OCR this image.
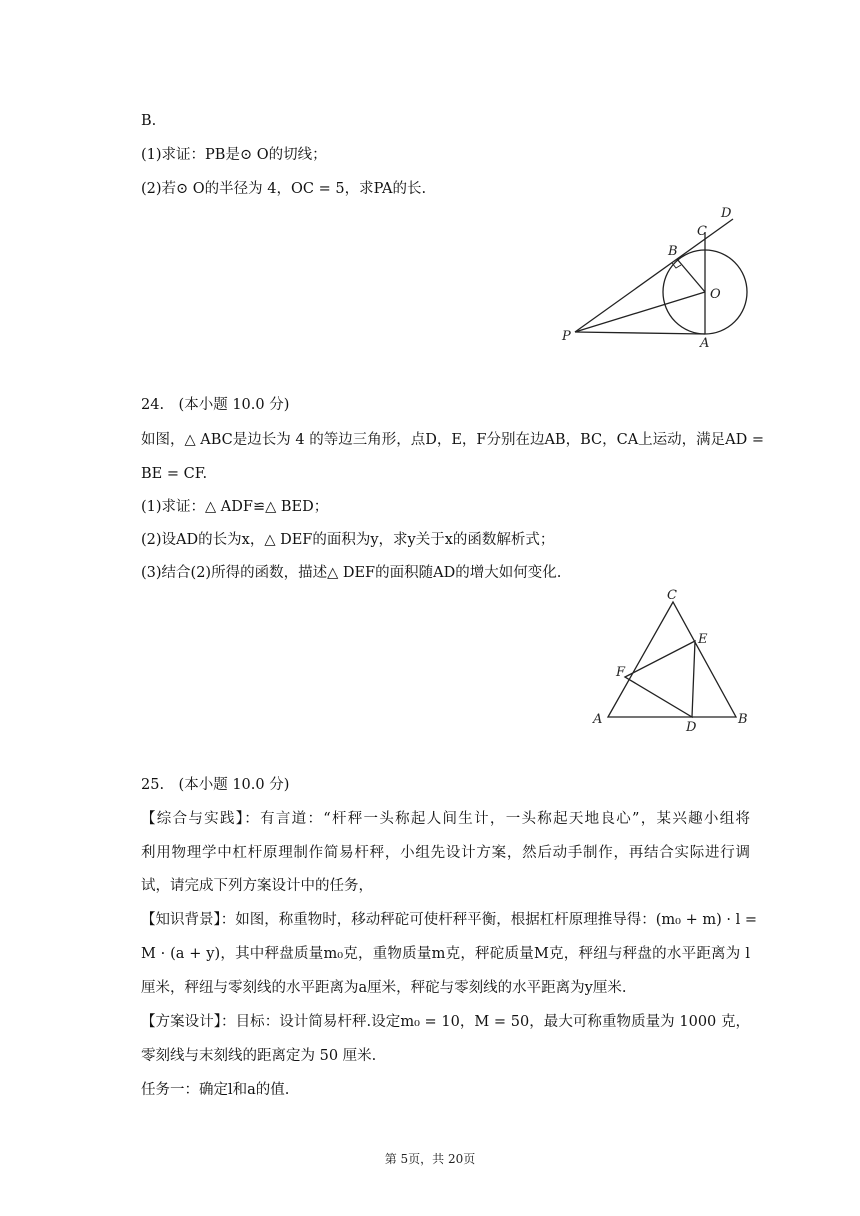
B.
(1)求证：PB是⊙ O的切线；
(2)若⊙ O的半径为 4，OC = 5，求PA的长.
D
C
B
O
P	A
24.　(本小题 10.0 分)
如图，△ ABC是边长为 4 的等边三角形，点D，E，F分别在边AB，BC，CA上运动，满足AD =
BE = CF.
(1)求证：△ ADF≌△ BED；
(2)设AD的长为x，△ DEF的面积为y，求y关于x的函数解析式；
(3)结合(2)所得的函数，描述△ DEF的面积随AD的增大如何变化.
C
E
F
A
D
B
25.　(本小题 10.0 分)
【综合与实践】：有言道：“杆秤一头称起人间生计，一头称起天地良心”，某兴趣小组将
利用物理学中杠杆原理制作简易杆秤，小组先设计方案，然后动手制作，再结合实际进行调
试，请完成下列方案设计中的任务，
【知识背景】：如图，称重物时，移动秤砣可使杆秤平衡，根据杠杆原理推导得：(m₀ + m) · l =
M · (a + y)，其中秤盘质量m₀克，重物质量m克，秤砣质量M克，秤纽与秤盘的水平距离为 l
厘米，秤纽与零刻线的水平距离为a厘米，秤砣与零刻线的水平距离为y厘米.
【方案设计】：目标：设计简易杆秤.设定m₀ = 10，M = 50，最大可称重物质量为 1000 克，
零刻线与末刻线的距离定为 50 厘米.
任务一：确定l和a的值.
第 5页，共 20页
